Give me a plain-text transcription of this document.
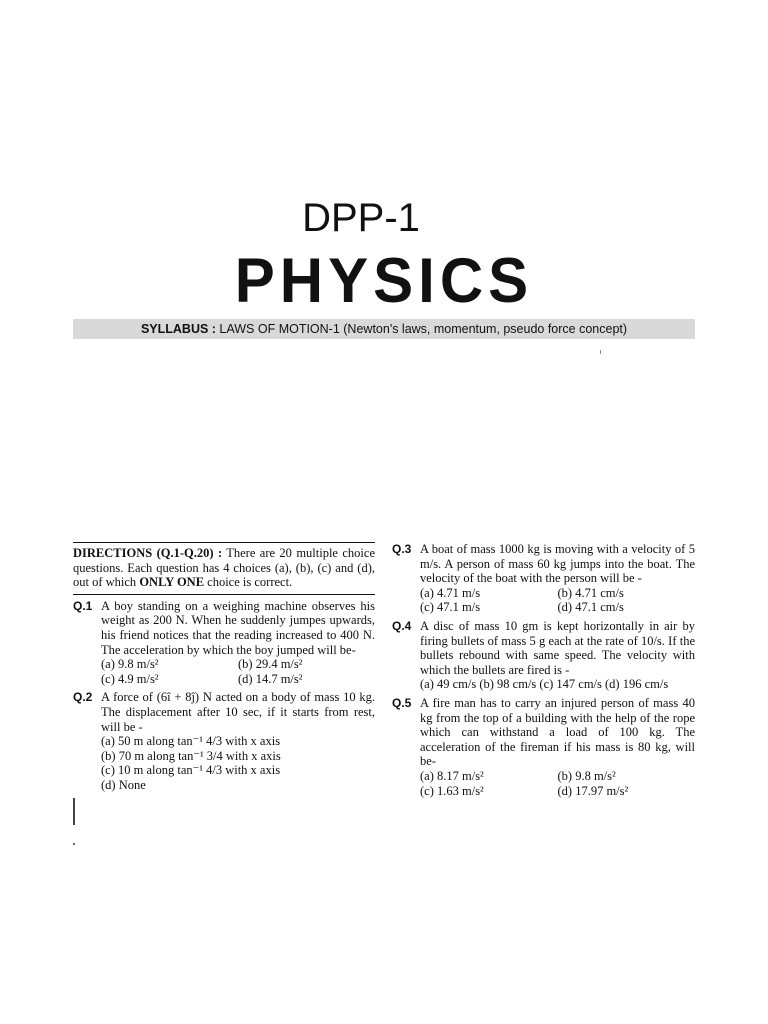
DPP-1
PHYSICS
SYLLABUS : LAWS OF MOTION-1 (Newton's laws, momentum, pseudo force concept)
DIRECTIONS (Q.1-Q.20) : There are 20 multiple choice questions. Each question has 4 choices (a), (b), (c) and (d), out of which ONLY ONE choice is correct.
Q.1 A boy standing on a weighing machine observes his weight as 200 N. When he suddenly jumpes upwards, his friend notices that the reading increased to 400 N. The acceleration by which the boy jumped will be-
(a) 9.8 m/s²	(b) 29.4 m/s²
(c) 4.9 m/s²	(d) 14.7 m/s²
Q.2 A force of (6î + 8ĵ) N acted on a body of mass 10 kg. The displacement after 10 sec, if it starts from rest, will be -
(a) 50 m along tan⁻¹ 4/3 with x axis
(b) 70 m along tan⁻¹ 3/4 with x axis
(c) 10 m along tan⁻¹ 4/3 with x axis
(d) None
Q.3 A boat of mass 1000 kg is moving with a velocity of 5 m/s. A person of mass 60 kg jumps into the boat. The velocity of the boat with the person will be -
(a) 4.71 m/s	(b) 4.71 cm/s
(c) 47.1 m/s	(d) 47.1 cm/s
Q.4 A disc of mass 10 gm is kept horizontally in air by firing bullets of mass 5 g each at the rate of 10/s. If the bullets rebound with same speed. The velocity with which the bullets are fired is -
(a) 49 cm/s (b) 98 cm/s (c) 147 cm/s (d) 196 cm/s
Q.5 A fire man has to carry an injured person of mass 40 kg from the top of a building with the help of the rope which can withstand a load of 100 kg. The acceleration of the fireman if his mass is 80 kg, will be-
(a) 8.17 m/s²	(b) 9.8 m/s²
(c) 1.63 m/s²	(d) 17.97 m/s²
